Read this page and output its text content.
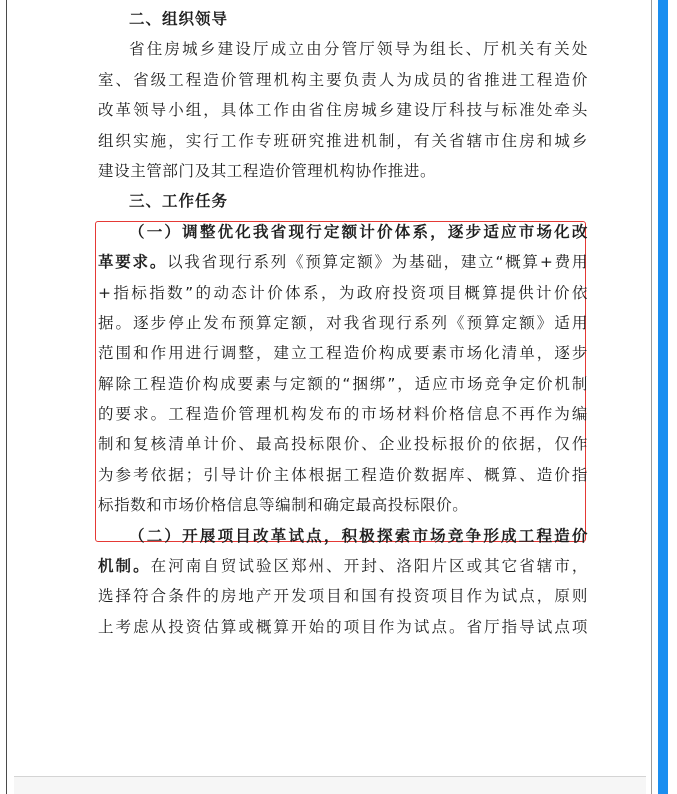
二、组织领导
省住房城乡建设厅成立由分管厅领导为组长、厅机关有关处
室、省级工程造价管理机构主要负责人为成员的省推进工程造价
改革领导小组，具体工作由省住房城乡建设厅科技与标准处牵头
组织实施，实行工作专班研究推进机制，有关省辖市住房和城乡
建设主管部门及其工程造价管理机构协作推进。
三、工作任务
（一）调整优化我省现行定额计价体系，逐步适应市场化改
革要求。以我省现行系列《预算定额》为基础，建立“概算+费用
+指标指数”的动态计价体系，为政府投资项目概算提供计价依
据。逐步停止发布预算定额，对我省现行系列《预算定额》适用
范围和作用进行调整，建立工程造价构成要素市场化清单，逐步
解除工程造价构成要素与定额的“捆绑”，适应市场竞争定价机制
的要求。工程造价管理机构发布的市场材料价格信息不再作为编
制和复核清单计价、最高投标限价、企业投标报价的依据，仅作
为参考依据；引导计价主体根据工程造价数据库、概算、造价指
标指数和市场价格信息等编制和确定最高投标限价。
（二）开展项目改革试点，积极探索市场竞争形成工程造价
机制。在河南自贸试验区郑州、开封、洛阳片区或其它省辖市，
选择符合条件的房地产开发项目和国有投资项目作为试点，原则
上考虑从投资估算或概算开始的项目作为试点。省厅指导试点项
